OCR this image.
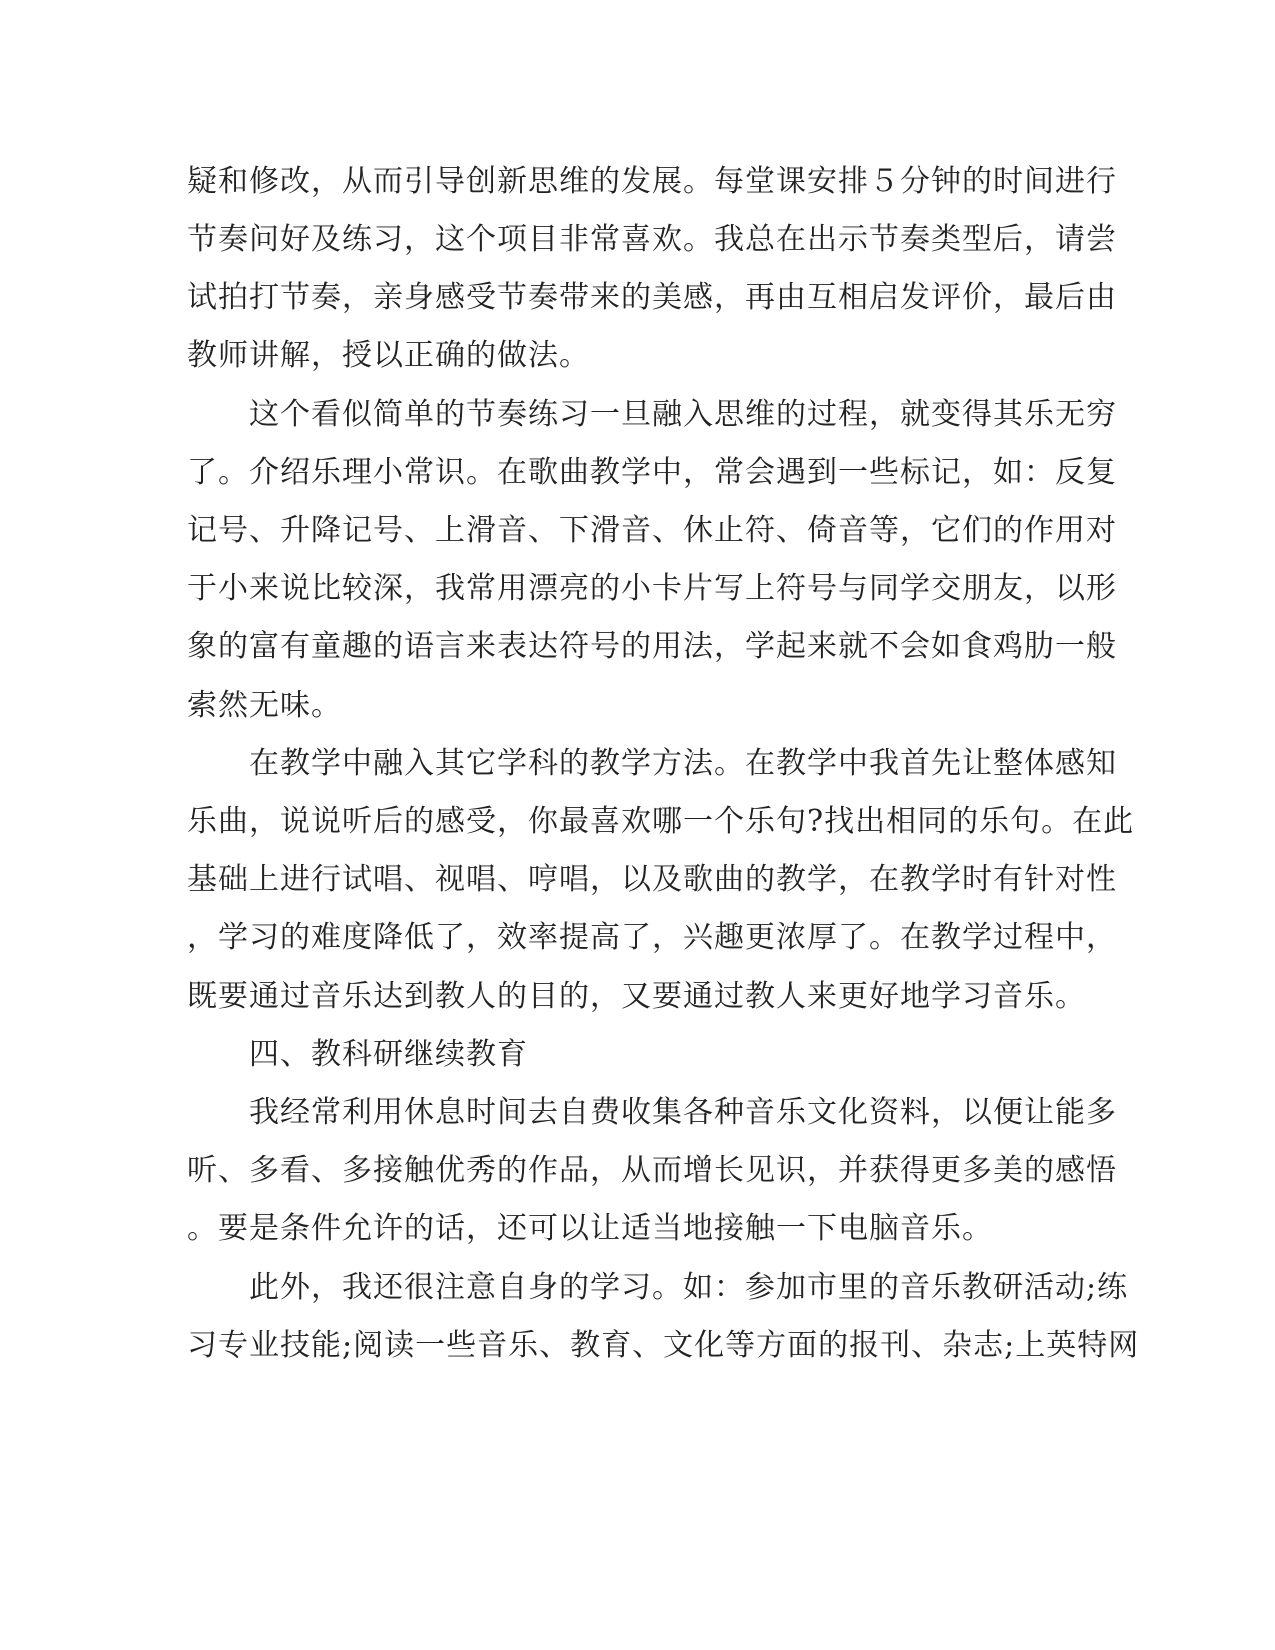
疑和修改，从而引导创新思维的发展。每堂课安排５分钟的时间进行
节奏问好及练习，这个项目非常喜欢。我总在出示节奏类型后，请尝
试拍打节奏，亲身感受节奏带来的美感，再由互相启发评价，最后由
教师讲解，授以正确的做法。
　　这个看似简单的节奏练习一旦融入思维的过程，就变得其乐无穷
了。介绍乐理小常识。在歌曲教学中，常会遇到一些标记，如：反复
记号、升降记号、上滑音、下滑音、休止符、倚音等，它们的作用对
于小来说比较深，我常用漂亮的小卡片写上符号与同学交朋友，以形
象的富有童趣的语言来表达符号的用法，学起来就不会如食鸡肋一般
索然无味。
　　在教学中融入其它学科的教学方法。在教学中我首先让整体感知
乐曲，说说听后的感受，你最喜欢哪一个乐句?找出相同的乐句。在此
基础上进行试唱、视唱、哼唱，以及歌曲的教学，在教学时有针对性
，学习的难度降低了，效率提高了，兴趣更浓厚了。在教学过程中，
既要通过音乐达到教人的目的，又要通过教人来更好地学习音乐。
　　四、教科研继续教育
　　我经常利用休息时间去自费收集各种音乐文化资料，以便让能多
听、多看、多接触优秀的作品，从而增长见识，并获得更多美的感悟
。要是条件允许的话，还可以让适当地接触一下电脑音乐。
　　此外，我还很注意自身的学习。如：参加市里的音乐教研活动;练
习专业技能;阅读一些音乐、教育、文化等方面的报刊、杂志;上英特网
